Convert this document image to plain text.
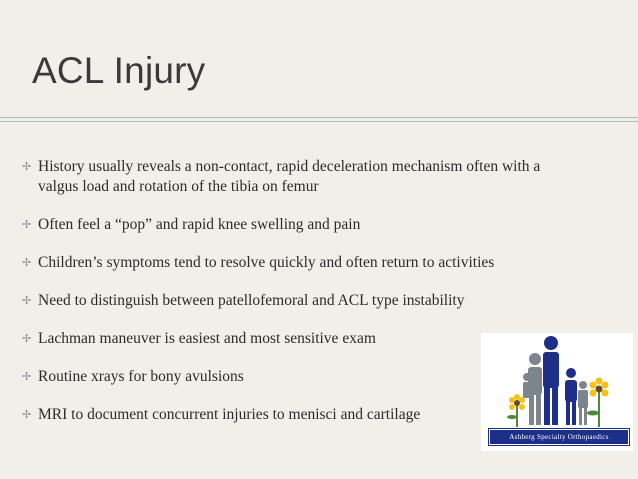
ACL Injury
✢ History usually reveals a non-contact, rapid deceleration mechanism often with a valgus load and rotation of the tibia on femur
✢ Often feel a “pop” and rapid knee swelling and pain
✢ Children’s symptoms tend to resolve quickly and often return to activities
✢ Need to distinguish between patellofemoral and ACL type instability
✢ Lachman maneuver is easiest and most sensitive exam
✢ Routine xrays for bony avulsions
✢ MRI to document concurrent injuries to menisci and cartilage
Ashberg Specialty Orthopaedics
